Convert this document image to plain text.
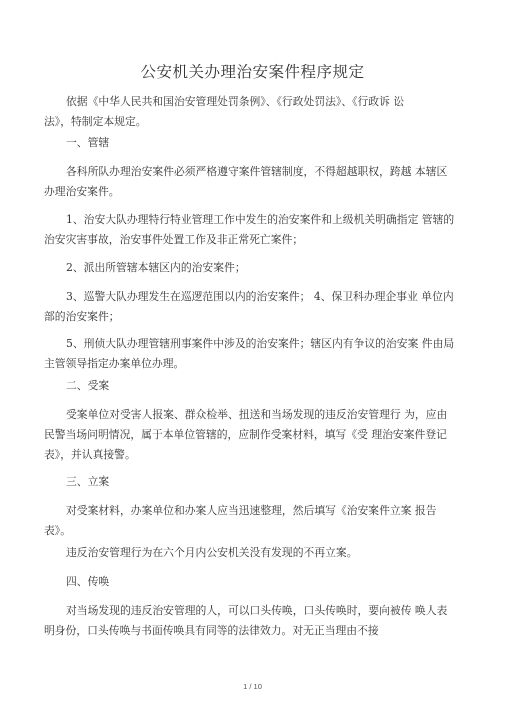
公安机关办理治安案件程序规定
依据《中华人民共和国治安管理处罚条例》、《行政处罚法》、《行政诉 讼
法》，特制定本规定。
一、管辖
各科所队办理治安案件必须严格遵守案件管辖制度，不得超越职权，跨越 本辖区
办理治安案件。
1、治安大队办理特行特业管理工作中发生的治安案件和上级机关明确指定 管辖的
治安灾害事故，治安事件处置工作及非正常死亡案件；
2、派出所管辖本辖区内的治安案件；
3、巡警大队办理发生在巡逻范围以内的治安案件； 4、保卫科办理企事业 单位内
部的治安案件；
5、刑侦大队办理管辖刑事案件中涉及的治安案件；辖区内有争议的治安案 件由局
主管领导指定办案单位办理。
二、受案
受案单位对受害人报案、群众检举、扭送和当场发现的违反治安管理行 为，应由
民警当场问明情况，属于本单位管辖的，应制作受案材料，填写《受 理治安案件登记
表》，并认真接警。
三、立案
对受案材料，办案单位和办案人应当迅速整理，然后填写《治安案件立案 报告
表》。
违反治安管理行为在六个月内公安机关没有发现的不再立案。
四、传唤
对当场发现的违反治安管理的人，可以口头传唤，口头传唤时，要向被传 唤人表
明身份，口头传唤与书面传唤具有同等的法律效力。对无正当理由不接
1 / 10
